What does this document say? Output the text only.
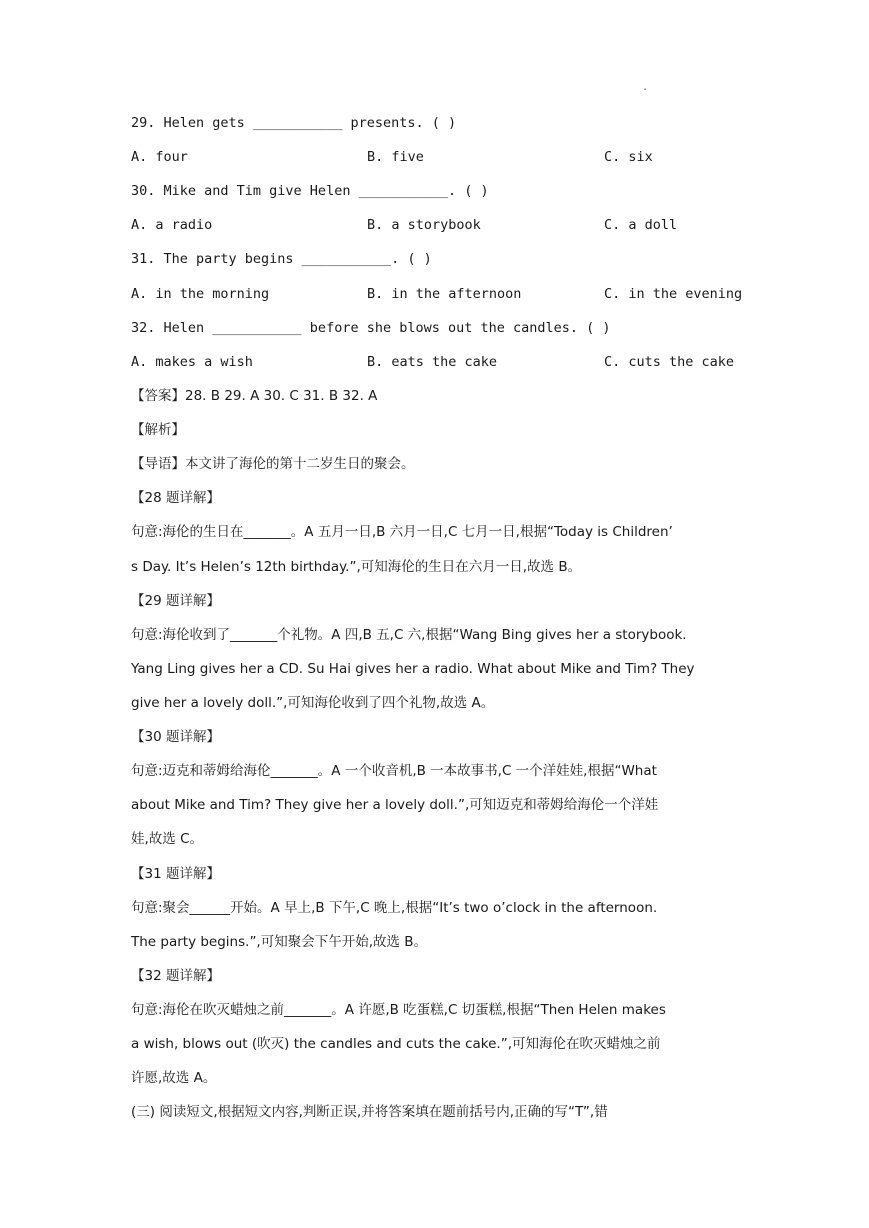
.
29. Helen gets ___________ presents. ( )
A. four	B. five	C. six
30. Mike and Tim give Helen ___________. ( )
A. a radio	B. a storybook	C. a doll
31. The party begins ___________. ( )
A. in the morning	B. in the afternoon	C. in the evening
32. Helen ___________ before she blows out the candles. ( )
A. makes a wish	B. eats the cake	C. cuts the cake
【答案】28. B 29. A 30. C 31. B 32. A
【解析】
【导语】本文讲了海伦的第十二岁生日的聚会。
【28 题详解】
句意:海伦的生日在_______。A 五月一日,B 六月一日,C 七月一日,根据“Today is Children’
s Day. It’s Helen’s 12th birthday.”,可知海伦的生日在六月一日,故选 B。
【29 题详解】
句意:海伦收到了_______个礼物。A 四,B 五,C 六,根据“Wang Bing gives her a storybook.
Yang Ling gives her a CD. Su Hai gives her a radio. What about Mike and Tim? They
give her a lovely doll.”,可知海伦收到了四个礼物,故选 A。
【30 题详解】
句意:迈克和蒂姆给海伦_______。A 一个收音机,B 一本故事书,C 一个洋娃娃,根据“What
about Mike and Tim? They give her a lovely doll.”,可知迈克和蒂姆给海伦一个洋娃
娃,故选 C。
【31 题详解】
句意:聚会______开始。A 早上,B 下午,C 晚上,根据“It’s two o’clock in the afternoon.
The party begins.”,可知聚会下午开始,故选 B。
【32 题详解】
句意:海伦在吹灭蜡烛之前_______。A 许愿,B 吃蛋糕,C 切蛋糕,根据“Then Helen makes
a wish, blows out (吹灭) the candles and cuts the cake.”,可知海伦在吹灭蜡烛之前
许愿,故选 A。
(三) 阅读短文,根据短文内容,判断正误,并将答案填在题前括号内,正确的写“T”,错
